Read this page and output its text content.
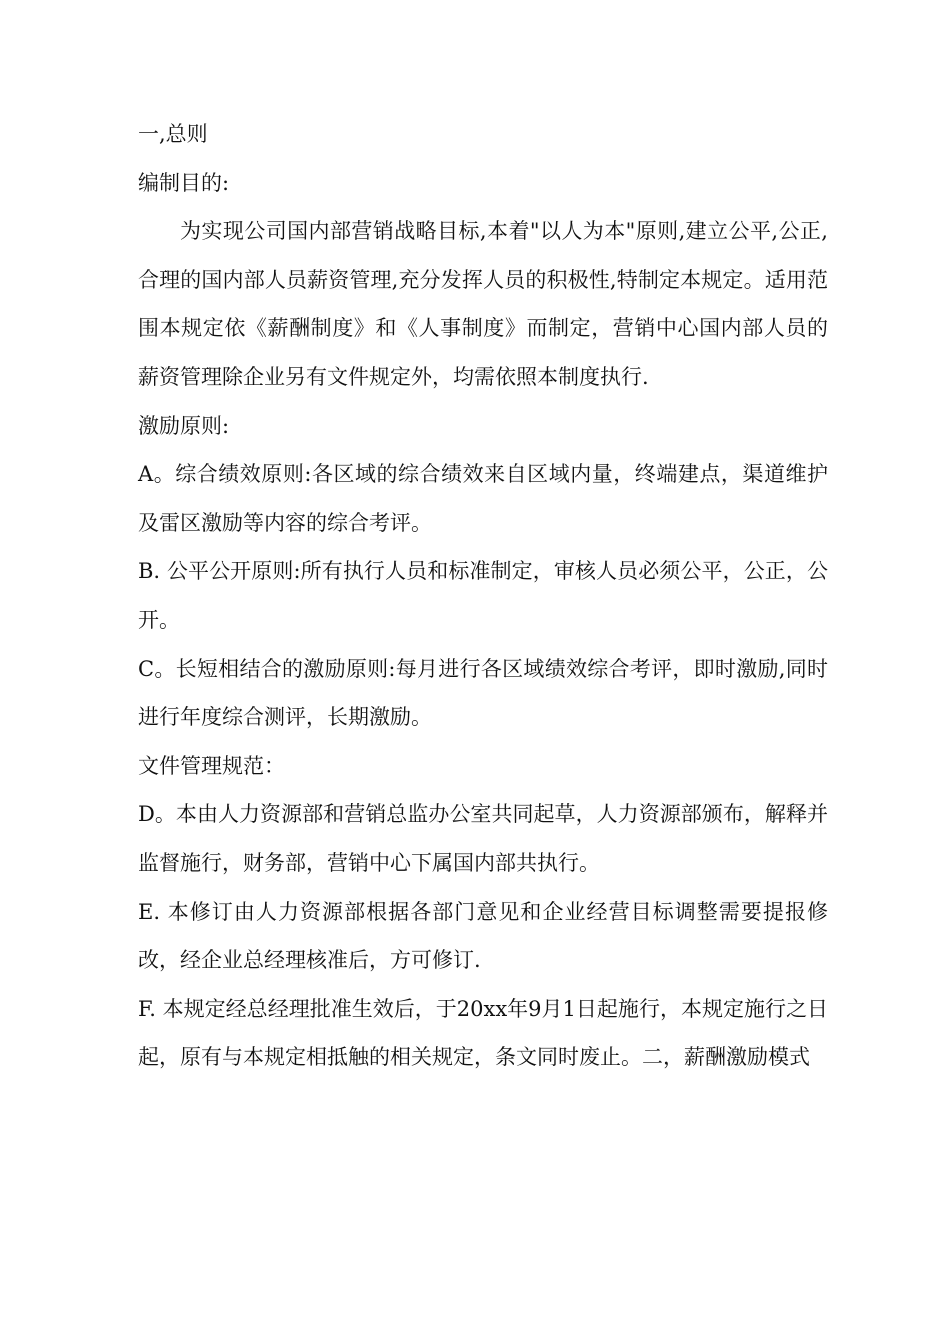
一,总则

编制目的:

为实现公司国内部营销战略目标,本着"以人为本"原则,建立公平,公正,合理的国内部人员薪资管理,充分发挥人员的积极性,特制定本规定。适用范围本规定依《薪酬制度》和《人事制度》而制定，营销中心国内部人员的薪资管理除企业另有文件规定外，均需依照本制度执行.

激励原则:

A。综合绩效原则:各区域的综合绩效来自区域内量，终端建点，渠道维护及雷区激励等内容的综合考评。

B. 公平公开原则:所有执行人员和标准制定，审核人员必须公平，公正，公开。

C。长短相结合的激励原则:每月进行各区域绩效综合考评，即时激励,同时进行年度综合测评，长期激励。

文件管理规范：

D。本由人力资源部和营销总监办公室共同起草，人力资源部颁布，解释并监督施行，财务部，营销中心下属国内部共执行。

E. 本修订由人力资源部根据各部门意见和企业经营目标调整需要提报修改，经企业总经理核准后，方可修订.

F. 本规定经总经理批准生效后，于20xx年9月1日起施行，本规定施行之日起，原有与本规定相抵触的相关规定，条文同时废止。二，薪酬激励模式
